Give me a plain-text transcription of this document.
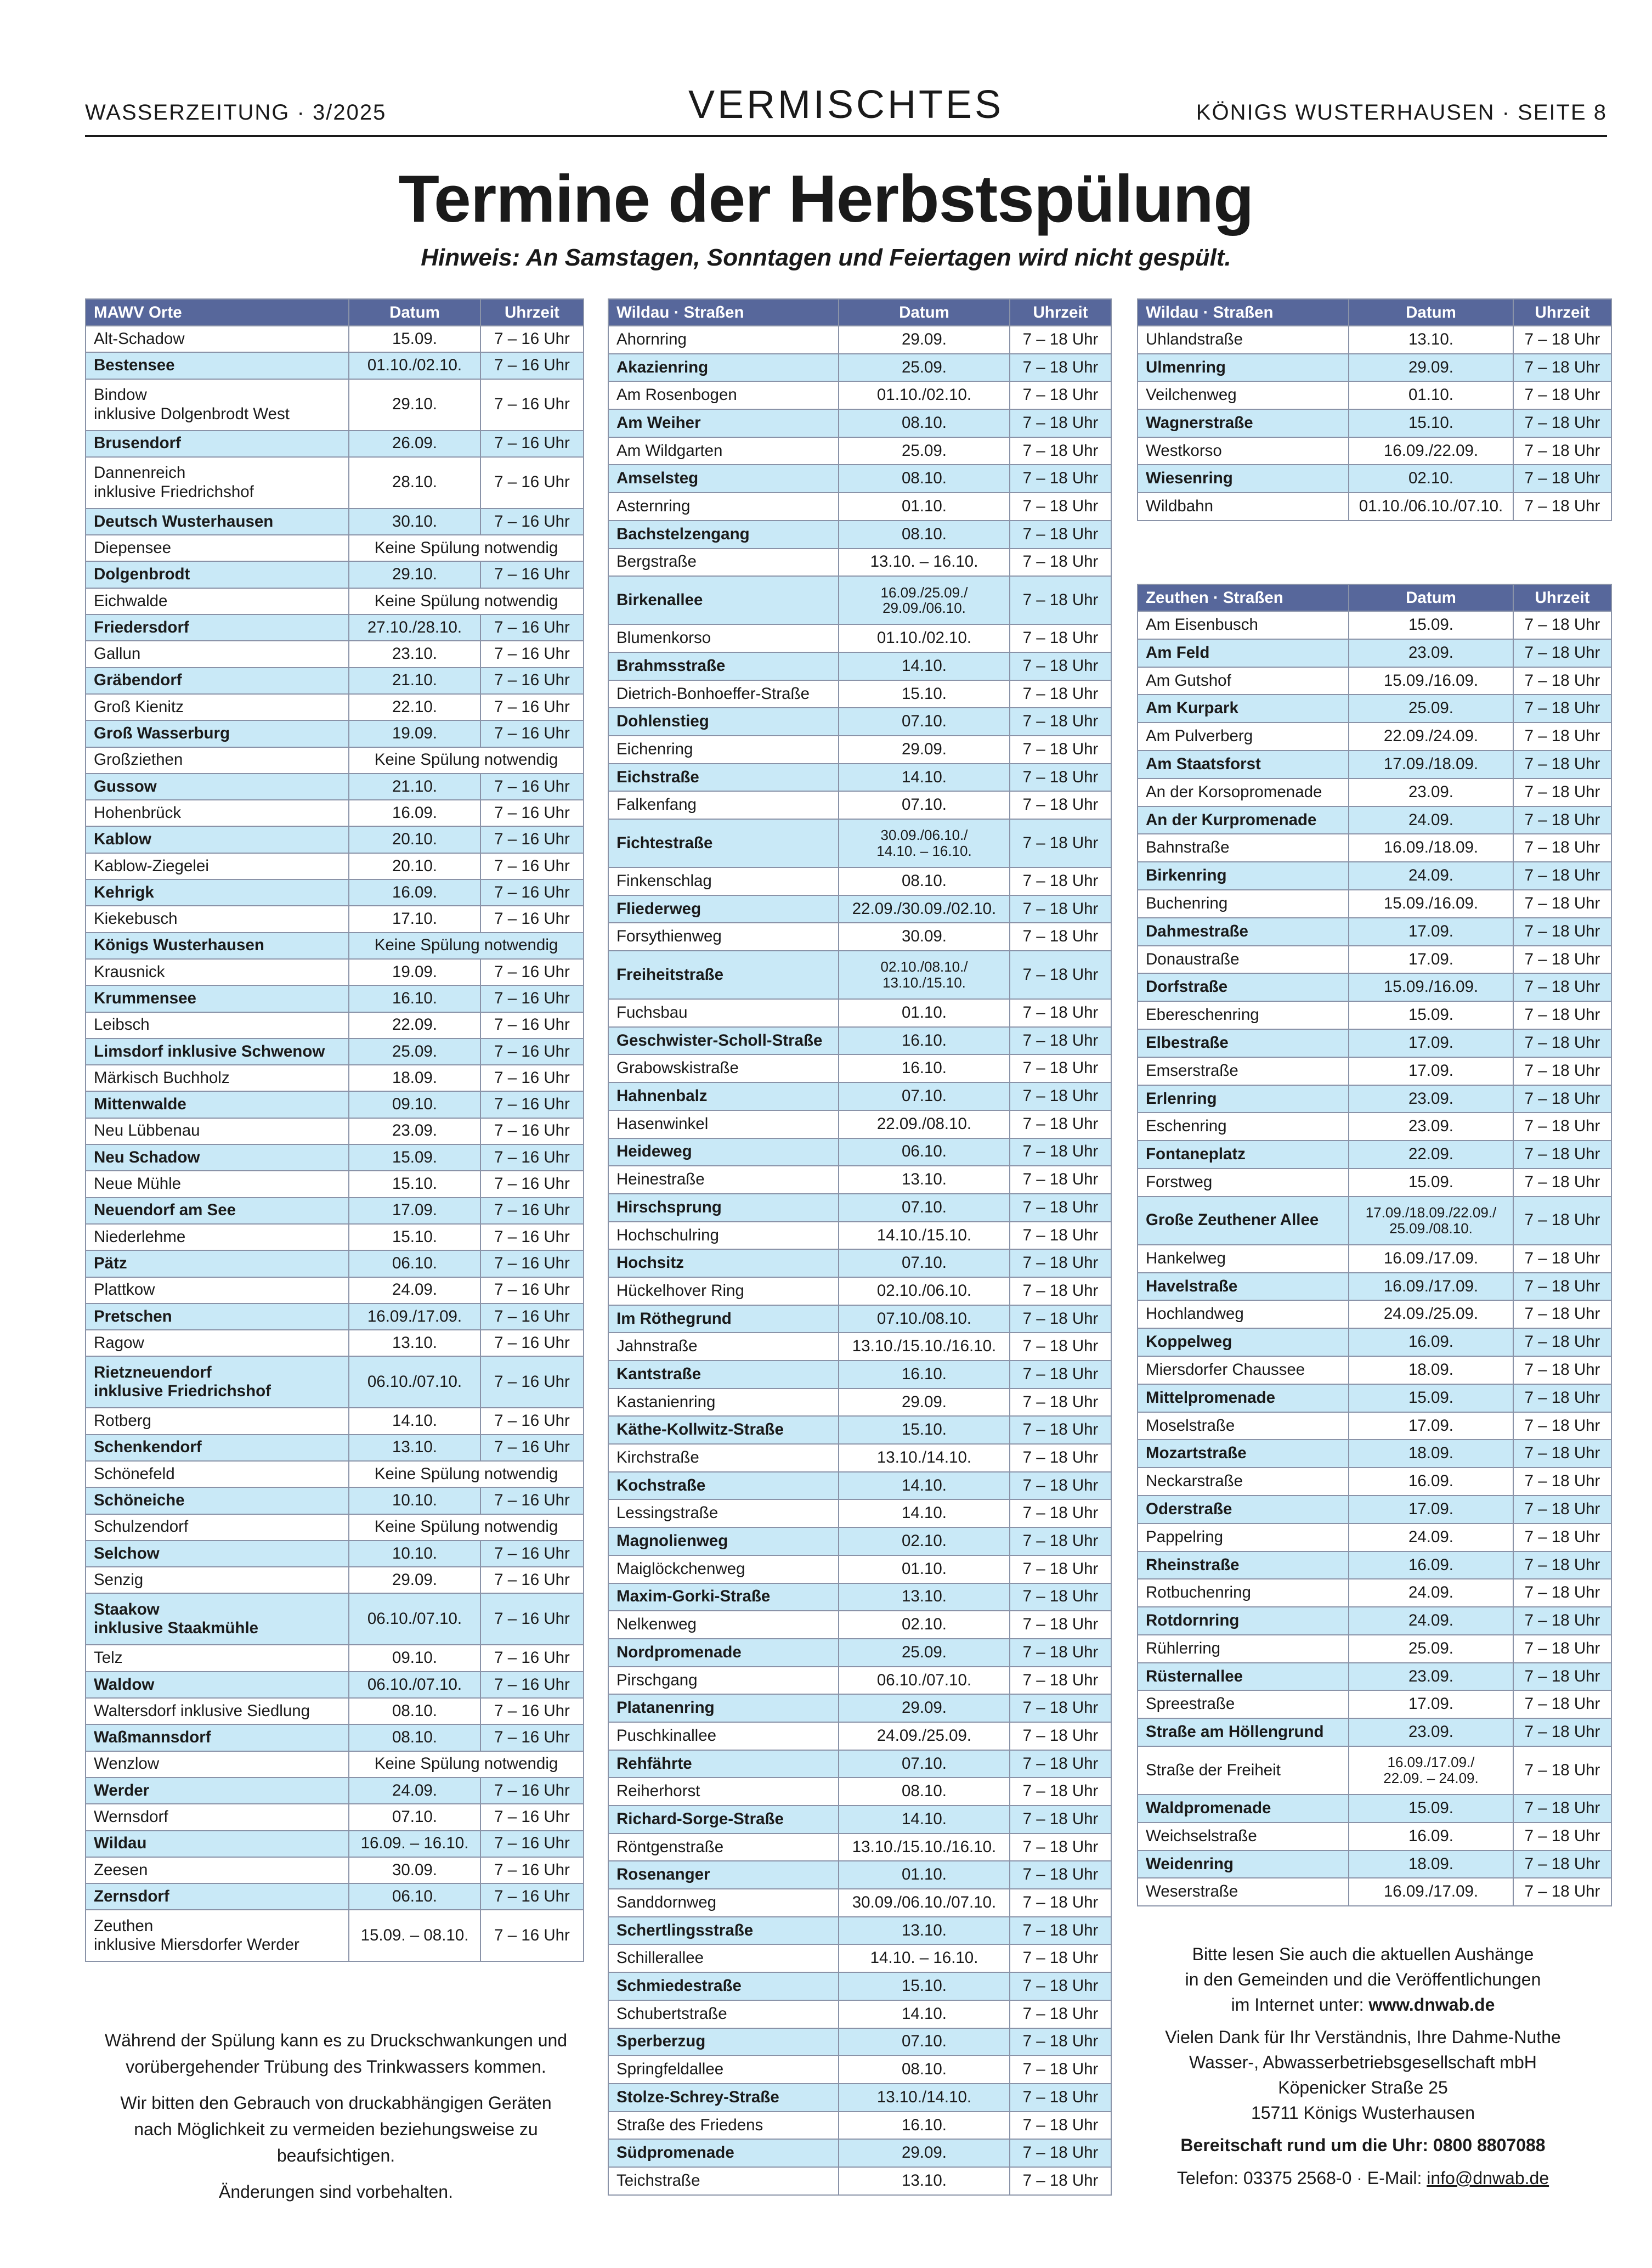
WASSERZEITUNG · 3/2025	VERMISCHTES	KÖNIGS WUSTERHAUSEN · SEITE 8
Termine der Herbstspülung
Hinweis: An Samstagen, Sonntagen und Feiertagen wird nicht gespült.
MAWV Orte	Datum	Uhrzeit
Alt-Schadow	15.09.	7 – 16 Uhr
Bestensee	01.10./02.10.	7 – 16 Uhr
Bindow
inklusive Dolgenbrodt West	29.10.	7 – 16 Uhr
Brusendorf	26.09.	7 – 16 Uhr
Dannenreich
inklusive Friedrichshof	28.10.	7 – 16 Uhr
Deutsch Wusterhausen	30.10.	7 – 16 Uhr
Diepensee	Keine Spülung notwendig	
Dolgenbrodt	29.10.	7 – 16 Uhr
Eichwalde	Keine Spülung notwendig	
Friedersdorf	27.10./28.10.	7 – 16 Uhr
Gallun	23.10.	7 – 16 Uhr
Gräbendorf	21.10.	7 – 16 Uhr
Groß Kienitz	22.10.	7 – 16 Uhr
Groß Wasserburg	19.09.	7 – 16 Uhr
Großziethen	Keine Spülung notwendig	
Gussow	21.10.	7 – 16 Uhr
Hohenbrück	16.09.	7 – 16 Uhr
Kablow	20.10.	7 – 16 Uhr
Kablow-Ziegelei	20.10.	7 – 16 Uhr
Kehrigk	16.09.	7 – 16 Uhr
Kiekebusch	17.10.	7 – 16 Uhr
Königs Wusterhausen	Keine Spülung notwendig	
Krausnick	19.09.	7 – 16 Uhr
Krummensee	16.10.	7 – 16 Uhr
Leibsch	22.09.	7 – 16 Uhr
Limsdorf inklusive Schwenow	25.09.	7 – 16 Uhr
Märkisch Buchholz	18.09.	7 – 16 Uhr
Mittenwalde	09.10.	7 – 16 Uhr
Neu Lübbenau	23.09.	7 – 16 Uhr
Neu Schadow	15.09.	7 – 16 Uhr
Neue Mühle	15.10.	7 – 16 Uhr
Neuendorf am See	17.09.	7 – 16 Uhr
Niederlehme	15.10.	7 – 16 Uhr
Pätz	06.10.	7 – 16 Uhr
Plattkow	24.09.	7 – 16 Uhr
Pretschen	16.09./17.09.	7 – 16 Uhr
Ragow	13.10.	7 – 16 Uhr
Rietzneuendorf
inklusive Friedrichshof	06.10./07.10.	7 – 16 Uhr
Rotberg	14.10.	7 – 16 Uhr
Schenkendorf	13.10.	7 – 16 Uhr
Schönefeld	Keine Spülung notwendig	
Schöneiche	10.10.	7 – 16 Uhr
Schulzendorf	Keine Spülung notwendig	
Selchow	10.10.	7 – 16 Uhr
Senzig	29.09.	7 – 16 Uhr
Staakow
inklusive Staakmühle	06.10./07.10.	7 – 16 Uhr
Telz	09.10.	7 – 16 Uhr
Waldow	06.10./07.10.	7 – 16 Uhr
Waltersdorf inklusive Siedlung	08.10.	7 – 16 Uhr
Waßmannsdorf	08.10.	7 – 16 Uhr
Wenzlow	Keine Spülung notwendig	
Werder	24.09.	7 – 16 Uhr
Wernsdorf	07.10.	7 – 16 Uhr
Wildau	16.09. – 16.10.	7 – 16 Uhr
Zeesen	30.09.	7 – 16 Uhr
Zernsdorf	06.10.	7 – 16 Uhr
Zeuthen
inklusive Miersdorfer Werder	15.09. – 08.10.	7 – 16 Uhr
Wildau · Straßen	Datum	Uhrzeit
Ahornring	29.09.	7 – 18 Uhr
Akazienring	25.09.	7 – 18 Uhr
Am Rosenbogen	01.10./02.10.	7 – 18 Uhr
Am Weiher	08.10.	7 – 18 Uhr
Am Wildgarten	25.09.	7 – 18 Uhr
Amselsteg	08.10.	7 – 18 Uhr
Asternring	01.10.	7 – 18 Uhr
Bachstelzengang	08.10.	7 – 18 Uhr
Bergstraße	13.10. – 16.10.	7 – 18 Uhr
Birkenallee	16.09./25.09./
29.09./06.10.	7 – 18 Uhr
Blumenkorso	01.10./02.10.	7 – 18 Uhr
Brahmsstraße	14.10.	7 – 18 Uhr
Dietrich-Bonhoeffer-Straße	15.10.	7 – 18 Uhr
Dohlenstieg	07.10.	7 – 18 Uhr
Eichenring	29.09.	7 – 18 Uhr
Eichstraße	14.10.	7 – 18 Uhr
Falkenfang	07.10.	7 – 18 Uhr
Fichtestraße	30.09./06.10./
14.10. – 16.10.	7 – 18 Uhr
Finkenschlag	08.10.	7 – 18 Uhr
Fliederweg	22.09./30.09./02.10.	7 – 18 Uhr
Forsythienweg	30.09.	7 – 18 Uhr
Freiheitstraße	02.10./08.10./
13.10./15.10.	7 – 18 Uhr
Fuchsbau	01.10.	7 – 18 Uhr
Geschwister-Scholl-Straße	16.10.	7 – 18 Uhr
Grabowskistraße	16.10.	7 – 18 Uhr
Hahnenbalz	07.10.	7 – 18 Uhr
Hasenwinkel	22.09./08.10.	7 – 18 Uhr
Heideweg	06.10.	7 – 18 Uhr
Heinestraße	13.10.	7 – 18 Uhr
Hirschsprung	07.10.	7 – 18 Uhr
Hochschulring	14.10./15.10.	7 – 18 Uhr
Hochsitz	07.10.	7 – 18 Uhr
Hückelhover Ring	02.10./06.10.	7 – 18 Uhr
Im Röthegrund	07.10./08.10.	7 – 18 Uhr
Jahnstraße	13.10./15.10./16.10.	7 – 18 Uhr
Kantstraße	16.10.	7 – 18 Uhr
Kastanienring	29.09.	7 – 18 Uhr
Käthe-Kollwitz-Straße	15.10.	7 – 18 Uhr
Kirchstraße	13.10./14.10.	7 – 18 Uhr
Kochstraße	14.10.	7 – 18 Uhr
Lessingstraße	14.10.	7 – 18 Uhr
Magnolienweg	02.10.	7 – 18 Uhr
Maiglöckchenweg	01.10.	7 – 18 Uhr
Maxim-Gorki-Straße	13.10.	7 – 18 Uhr
Nelkenweg	02.10.	7 – 18 Uhr
Nordpromenade	25.09.	7 – 18 Uhr
Pirschgang	06.10./07.10.	7 – 18 Uhr
Platanenring	29.09.	7 – 18 Uhr
Puschkinallee	24.09./25.09.	7 – 18 Uhr
Rehfährte	07.10.	7 – 18 Uhr
Reiherhorst	08.10.	7 – 18 Uhr
Richard-Sorge-Straße	14.10.	7 – 18 Uhr
Röntgenstraße	13.10./15.10./16.10.	7 – 18 Uhr
Rosenanger	01.10.	7 – 18 Uhr
Sanddornweg	30.09./06.10./07.10.	7 – 18 Uhr
Schertlingsstraße	13.10.	7 – 18 Uhr
Schillerallee	14.10. – 16.10.	7 – 18 Uhr
Schmiedestraße	15.10.	7 – 18 Uhr
Schubertstraße	14.10.	7 – 18 Uhr
Sperberzug	07.10.	7 – 18 Uhr
Springfeldallee	08.10.	7 – 18 Uhr
Stolze-Schrey-Straße	13.10./14.10.	7 – 18 Uhr
Straße des Friedens	16.10.	7 – 18 Uhr
Südpromenade	29.09.	7 – 18 Uhr
Teichstraße	13.10.	7 – 18 Uhr
Wildau · Straßen	Datum	Uhrzeit
Uhlandstraße	13.10.	7 – 18 Uhr
Ulmenring	29.09.	7 – 18 Uhr
Veilchenweg	01.10.	7 – 18 Uhr
Wagnerstraße	15.10.	7 – 18 Uhr
Westkorso	16.09./22.09.	7 – 18 Uhr
Wiesenring	02.10.	7 – 18 Uhr
Wildbahn	01.10./06.10./07.10.	7 – 18 Uhr
Zeuthen · Straßen	Datum	Uhrzeit
Am Eisenbusch	15.09.	7 – 18 Uhr
Am Feld	23.09.	7 – 18 Uhr
Am Gutshof	15.09./16.09.	7 – 18 Uhr
Am Kurpark	25.09.	7 – 18 Uhr
Am Pulverberg	22.09./24.09.	7 – 18 Uhr
Am Staatsforst	17.09./18.09.	7 – 18 Uhr
An der Korsopromenade	23.09.	7 – 18 Uhr
An der Kurpromenade	24.09.	7 – 18 Uhr
Bahnstraße	16.09./18.09.	7 – 18 Uhr
Birkenring	24.09.	7 – 18 Uhr
Buchenring	15.09./16.09.	7 – 18 Uhr
Dahmestraße	17.09.	7 – 18 Uhr
Donaustraße	17.09.	7 – 18 Uhr
Dorfstraße	15.09./16.09.	7 – 18 Uhr
Ebereschenring	15.09.	7 – 18 Uhr
Elbestraße	17.09.	7 – 18 Uhr
Emserstraße	17.09.	7 – 18 Uhr
Erlenring	23.09.	7 – 18 Uhr
Eschenring	23.09.	7 – 18 Uhr
Fontaneplatz	22.09.	7 – 18 Uhr
Forstweg	15.09.	7 – 18 Uhr
Große Zeuthener Allee	17.09./18.09./22.09./
25.09./08.10.	7 – 18 Uhr
Hankelweg	16.09./17.09.	7 – 18 Uhr
Havelstraße	16.09./17.09.	7 – 18 Uhr
Hochlandweg	24.09./25.09.	7 – 18 Uhr
Koppelweg	16.09.	7 – 18 Uhr
Miersdorfer Chaussee	18.09.	7 – 18 Uhr
Mittelpromenade	15.09.	7 – 18 Uhr
Moselstraße	17.09.	7 – 18 Uhr
Mozartstraße	18.09.	7 – 18 Uhr
Neckarstraße	16.09.	7 – 18 Uhr
Oderstraße	17.09.	7 – 18 Uhr
Pappelring	24.09.	7 – 18 Uhr
Rheinstraße	16.09.	7 – 18 Uhr
Rotbuchenring	24.09.	7 – 18 Uhr
Rotdornring	24.09.	7 – 18 Uhr
Rühlerring	25.09.	7 – 18 Uhr
Rüsternallee	23.09.	7 – 18 Uhr
Spreestraße	17.09.	7 – 18 Uhr
Straße am Höllengrund	23.09.	7 – 18 Uhr
Straße der Freiheit	16.09./17.09./
22.09. – 24.09.	7 – 18 Uhr
Waldpromenade	15.09.	7 – 18 Uhr
Weichselstraße	16.09.	7 – 18 Uhr
Weidenring	18.09.	7 – 18 Uhr
Weserstraße	16.09./17.09.	7 – 18 Uhr

Während der Spülung kann es zu Druckschwankungen und vorübergehender Trübung des Trinkwassers kommen.

Wir bitten den Gebrauch von druckabhängigen Geräten nach Möglichkeit zu vermeiden beziehungsweise zu beaufsichtigen.

Änderungen sind vorbehalten.

Bitte lesen Sie auch die aktuellen Aushänge

in den Gemeinden und die Veröffentlichungen

im Internet unter: www.dnwab.de

Vielen Dank für Ihr Verständnis, Ihre Dahme-Nuthe

Wasser-, Abwasserbetriebsgesellschaft mbH

Köpenicker Straße 25

15711 Königs Wusterhausen

Bereitschaft rund um die Uhr: 0800 8807088

Telefon: 03375 2568-0 · E-Mail: info@dnwab.de
